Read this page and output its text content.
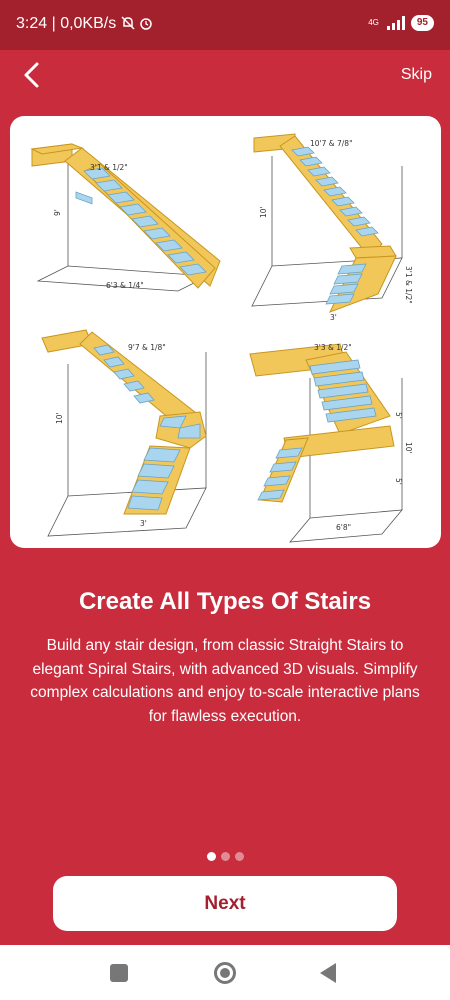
3:24 | 0,0KB/s	4G	95
Skip
3'1 & 1/2"
9'
6'3 & 1/4"
10'7 & 7/8"
10'
3'1 & 1/2"
3'
9'7 & 1/8"
10'
3'
3'3 & 1/2"
5'
10'
5'
6'8"
Create All Types Of Stairs
Build any stair design, from classic Straight Stairs to elegant Spiral Stairs, with advanced 3D visuals. Simplify complex calculations and enjoy to-scale interactive plans for flawless execution.
Next
